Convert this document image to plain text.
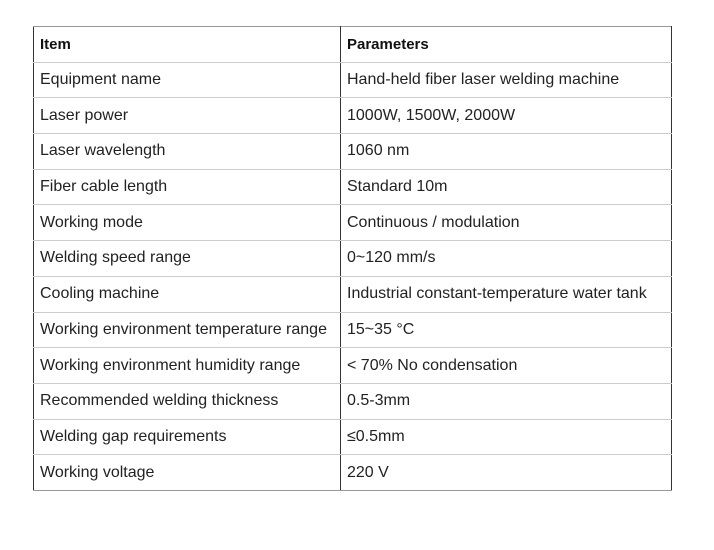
Item	Parameters
Equipment name	Hand-held fiber laser welding machine
Laser power	1000W, 1500W, 2000W
Laser wavelength	1060 nm
Fiber cable length	Standard 10m
Working mode	Continuous / modulation
Welding speed range	0~120 mm/s
Cooling machine	Industrial constant-temperature water tank
Working environment temperature range	15~35 °C
Working environment humidity range	< 70% No condensation
Recommended welding thickness	0.5-3mm
Welding gap requirements	≤0.5mm
Working voltage	220 V
